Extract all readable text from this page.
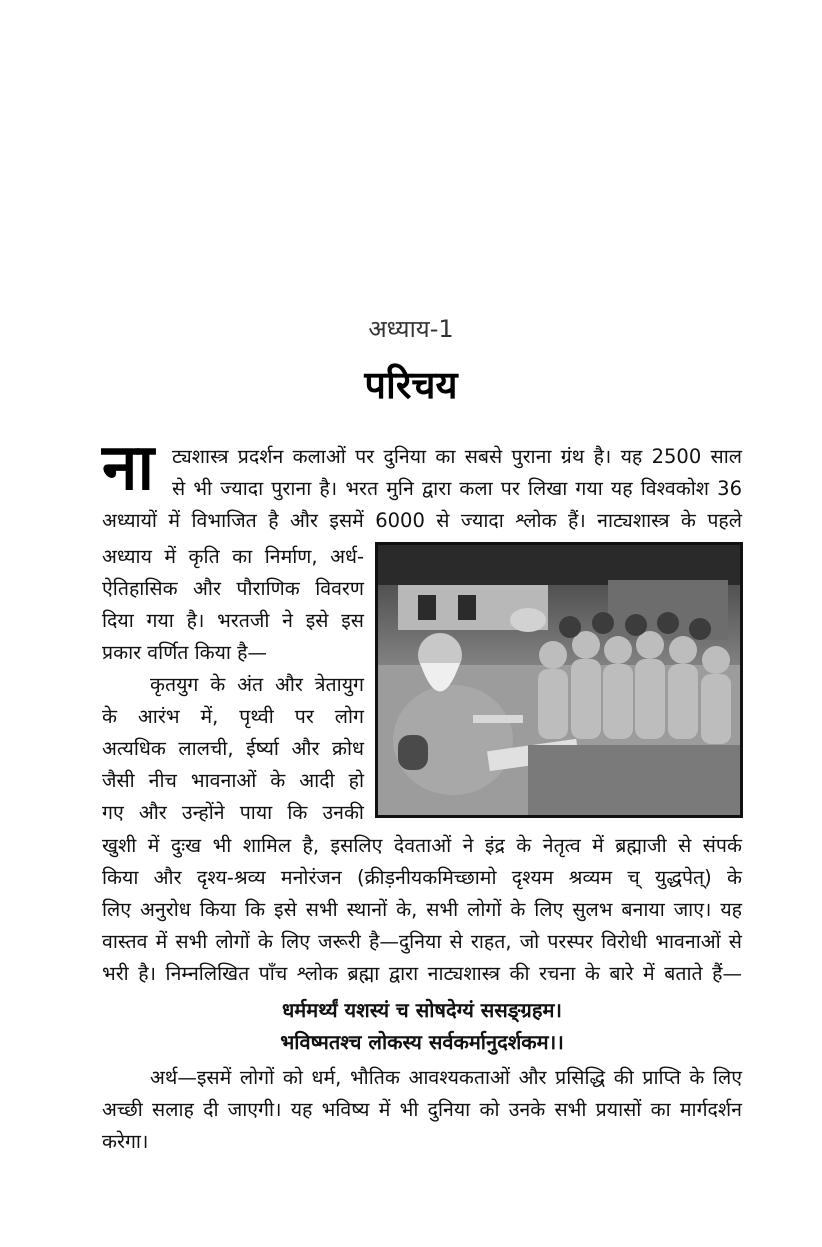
अध्याय-1
परिचय
ना ट्यशास्त्र प्रदर्शन कलाओं पर दुनिया का सबसे पुराना ग्रंथ है। यह 2500 साल

से भी ज्यादा पुराना है। भरत मुनि द्वारा कला पर लिखा गया यह विश्वकोश 36

अध्यायों में विभाजित है और इसमें 6000 से ज्यादा श्लोक हैं। नाट्यशास्त्र के पहले

अध्याय में कृति का निर्माण, अर्ध-

ऐतिहासिक और पौराणिक विवरण

दिया गया है। भरतजी ने इसे इस

प्रकार वर्णित किया है—

कृतयुग के अंत और त्रेतायुग

के आरंभ में, पृथ्वी पर लोग

अत्यधिक लालची, ईर्ष्या और क्रोध

जैसी नीच भावनाओं के आदी हो

गए और उन्होंने पाया कि उनकी

खुशी में दुःख भी शामिल है, इसलिए देवताओं ने इंद्र के नेतृत्व में ब्रह्माजी से संपर्क

किया और दृश्य-श्रव्य मनोरंजन (क्रीड़नीयकमिच्छामो दृश्यम श्रव्यम च् युद्धपेत्) के

लिए अनुरोध किया कि इसे सभी स्थानों के, सभी लोगों के लिए सुलभ बनाया जाए। यह

वास्तव में सभी लोगों के लिए जरूरी है—दुनिया से राहत, जो परस्पर विरोधी भावनाओं से

भरी है। निम्नलिखित पाँच श्लोक ब्रह्मा द्वारा नाट्यशास्त्र की रचना के बारे में बताते हैं—

धर्ममर्थ्यं यशस्यं च सोषदेग्यं ससङ्ग्रहम।
भविष्मतश्च लोकस्य सर्वकर्मानुदर्शकम।।

अर्थ—इसमें लोगों को धर्म, भौतिक आवश्यकताओं और प्रसिद्धि की प्राप्ति के लिए

अच्छी सलाह दी जाएगी। यह भविष्य में भी दुनिया को उनके सभी प्रयासों का मार्गदर्शन

करेगा।
